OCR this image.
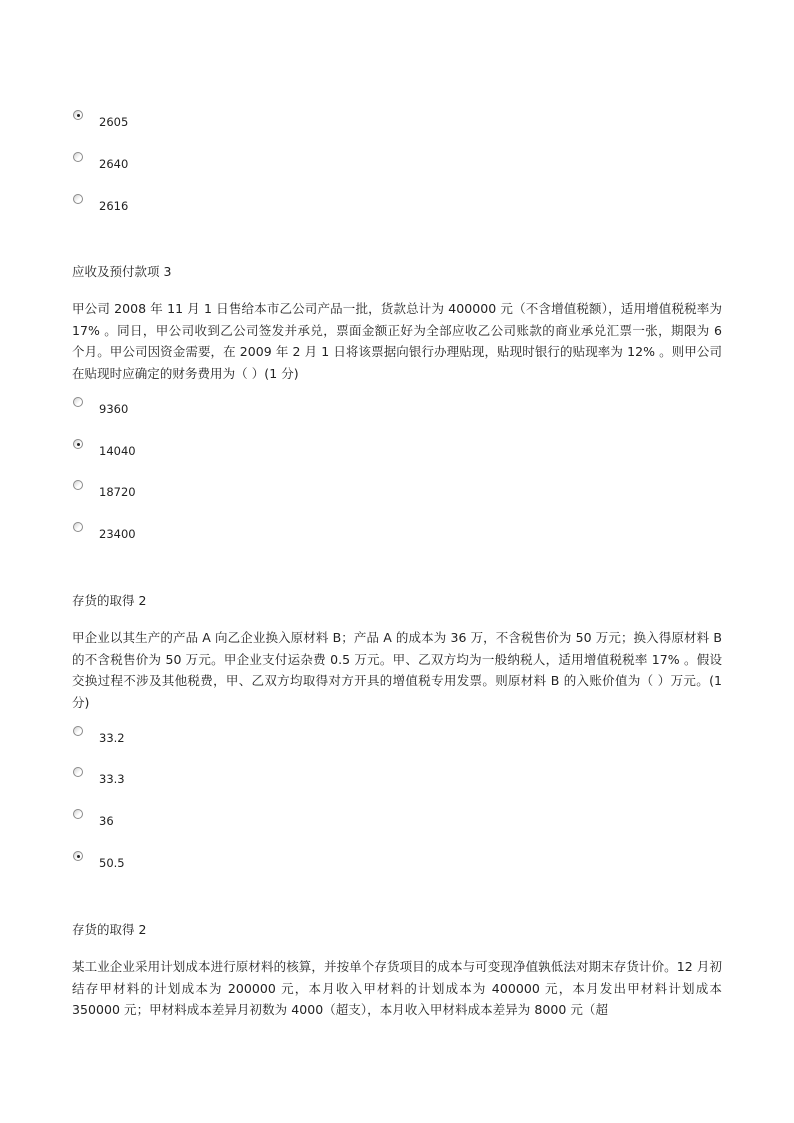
2605
2640
2616
应收及预付款项 3
甲公司 2008 年 11 月 1 日售给本市乙公司产品一批，货款总计为 400000 元（不含增值税额），适用增值税税率为 17% 。同日，甲公司收到乙公司签发并承兑，票面金额正好为全部应收乙公司账款的商业承兑汇票一张，期限为 6 个月。甲公司因资金需要，在 2009 年 2 月 1 日将该票据向银行办理贴现，贴现时银行的贴现率为 12% 。则甲公司在贴现时应确定的财务费用为（ ）(1 分)
9360
14040
18720
23400
存货的取得 2
甲企业以其生产的产品 A 向乙企业换入原材料 B；产品 A 的成本为 36 万，不含税售价为 50 万元；换入得原材料 B 的不含税售价为 50 万元。甲企业支付运杂费 0.5 万元。甲、乙双方均为一般纳税人，适用增值税税率 17% 。假设交换过程不涉及其他税费，甲、乙双方均取得对方开具的增值税专用发票。则原材料 B 的入账价值为（ ）万元。(1 分)
33.2
33.3
36
50.5
存货的取得 2
某工业企业采用计划成本进行原材料的核算，并按单个存货项目的成本与可变现净值孰低法对期末存货计价。12 月初结存甲材料的计划成本为 200000 元，本月收入甲材料的计划成本为 400000 元，本月发出甲材料计划成本 350000 元；甲材料成本差异月初数为 4000（超支），本月收入甲材料成本差异为 8000 元（超
